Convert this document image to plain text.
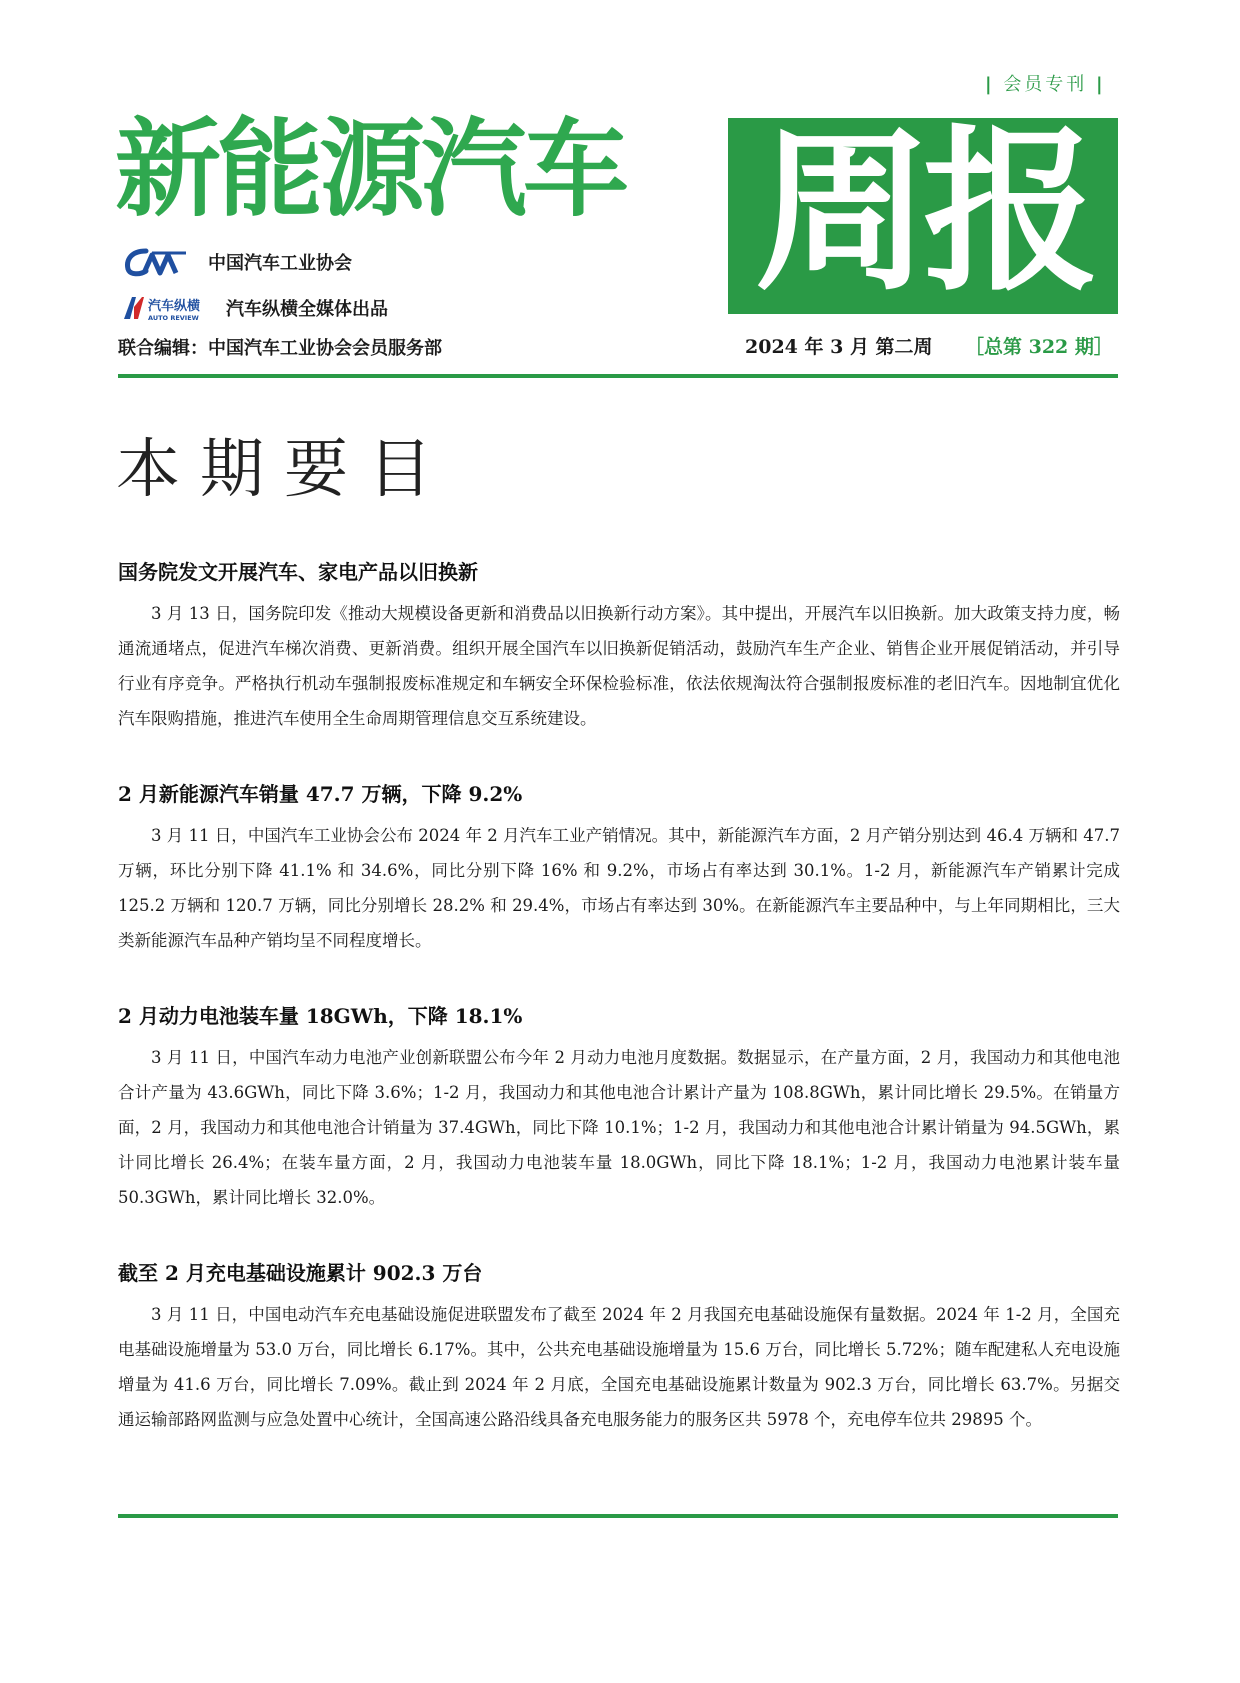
| 会员专刊 |
新能源汽车 周报
中国汽车工业协会
汽车纵横
AUTO REVIEW 汽车纵横全媒体出品
联合编辑：中国汽车工业协会会员服务部	2024 年 3 月 第二周 ［总第 322 期］
本期要目
国务院发文开展汽车、家电产品以旧换新

3 月 13 日，国务院印发《推动大规模设备更新和消费品以旧换新行动方案》。其中提出，开展汽车以旧换新。加大政策支持力度，畅通流通堵点，促进汽车梯次消费、更新消费。组织开展全国汽车以旧换新促销活动，鼓励汽车生产企业、销售企业开展促销活动，并引导行业有序竞争。严格执行机动车强制报废标准规定和车辆安全环保检验标准，依法依规淘汰符合强制报废标准的老旧汽车。因地制宜优化汽车限购措施，推进汽车使用全生命周期管理信息交互系统建设。

2 月新能源汽车销量 47.7 万辆，下降 9.2%

3 月 11 日，中国汽车工业协会公布 2024 年 2 月汽车工业产销情况。其中，新能源汽车方面，2 月产销分别达到 46.4 万辆和 47.7 万辆，环比分别下降 41.1% 和 34.6%，同比分别下降 16% 和 9.2%，市场占有率达到 30.1%。1-2 月，新能源汽车产销累计完成 125.2 万辆和 120.7 万辆，同比分别增长 28.2% 和 29.4%，市场占有率达到 30%。在新能源汽车主要品种中，与上年同期相比，三大类新能源汽车品种产销均呈不同程度增长。

2 月动力电池装车量 18GWh，下降 18.1%

3 月 11 日，中国汽车动力电池产业创新联盟公布今年 2 月动力电池月度数据。数据显示，在产量方面，2 月，我国动力和其他电池合计产量为 43.6GWh，同比下降 3.6%；1-2 月，我国动力和其他电池合计累计产量为 108.8GWh，累计同比增长 29.5%。在销量方面，2 月，我国动力和其他电池合计销量为 37.4GWh，同比下降 10.1%；1-2 月，我国动力和其他电池合计累计销量为 94.5GWh，累计同比增长 26.4%；在装车量方面，2 月，我国动力电池装车量 18.0GWh，同比下降 18.1%；1-2 月，我国动力电池累计装车量 50.3GWh，累计同比增长 32.0%。

截至 2 月充电基础设施累计 902.3 万台

3 月 11 日，中国电动汽车充电基础设施促进联盟发布了截至 2024 年 2 月我国充电基础设施保有量数据。2024 年 1-2 月，全国充电基础设施增量为 53.0 万台，同比增长 6.17%。其中，公共充电基础设施增量为 15.6 万台，同比增长 5.72%；随车配建私人充电设施增量为 41.6 万台，同比增长 7.09%。截止到 2024 年 2 月底，全国充电基础设施累计数量为 902.3 万台，同比增长 63.7%。另据交通运输部路网监测与应急处置中心统计，全国高速公路沿线具备充电服务能力的服务区共 5978 个，充电停车位共 29895 个。
